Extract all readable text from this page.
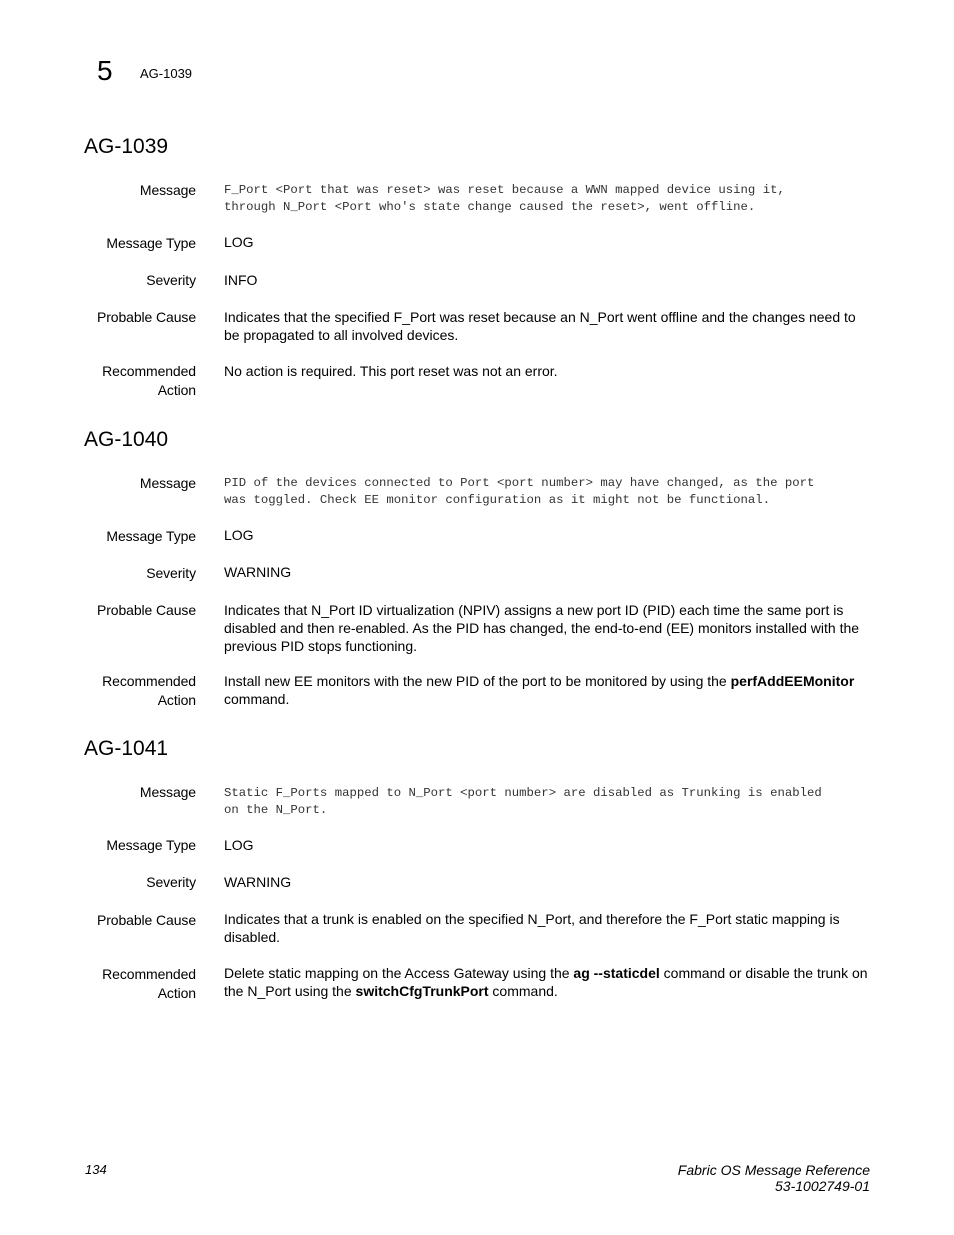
5 AG-1039
AG-1039
Message F_Port <Port that was reset> was reset because a WWN mapped device using it,
through N_Port <Port who's state change caused the reset>, went offline.
Message Type LOG
Severity INFO
Probable Cause Indicates that the specified F_Port was reset because an N_Port went offline and the changes need to be propagated to all involved devices.
Recommended
Action
No action is required. This port reset was not an error.
AG-1040
Message PID of the devices connected to Port <port number> may have changed, as the port
was toggled. Check EE monitor configuration as it might not be functional.
Message Type LOG
Severity WARNING
Probable Cause Indicates that N_Port ID virtualization (NPIV) assigns a new port ID (PID) each time the same port is disabled and then re-enabled. As the PID has changed, the end-to-end (EE) monitors installed with the previous PID stops functioning.
Recommended
Action
Install new EE monitors with the new PID of the port to be monitored by using the perfAddEEMonitor command.
AG-1041
Message Static F_Ports mapped to N_Port <port number> are disabled as Trunking is enabled
on the N_Port.
Message Type LOG
Severity WARNING
Probable Cause Indicates that a trunk is enabled on the specified N_Port, and therefore the F_Port static mapping is disabled.
Recommended
Action
Delete static mapping on the Access Gateway using the ag --staticdel command or disable the trunk on the N_Port using the switchCfgTrunkPort command.
134	Fabric OS Message Reference
53-1002749-01
